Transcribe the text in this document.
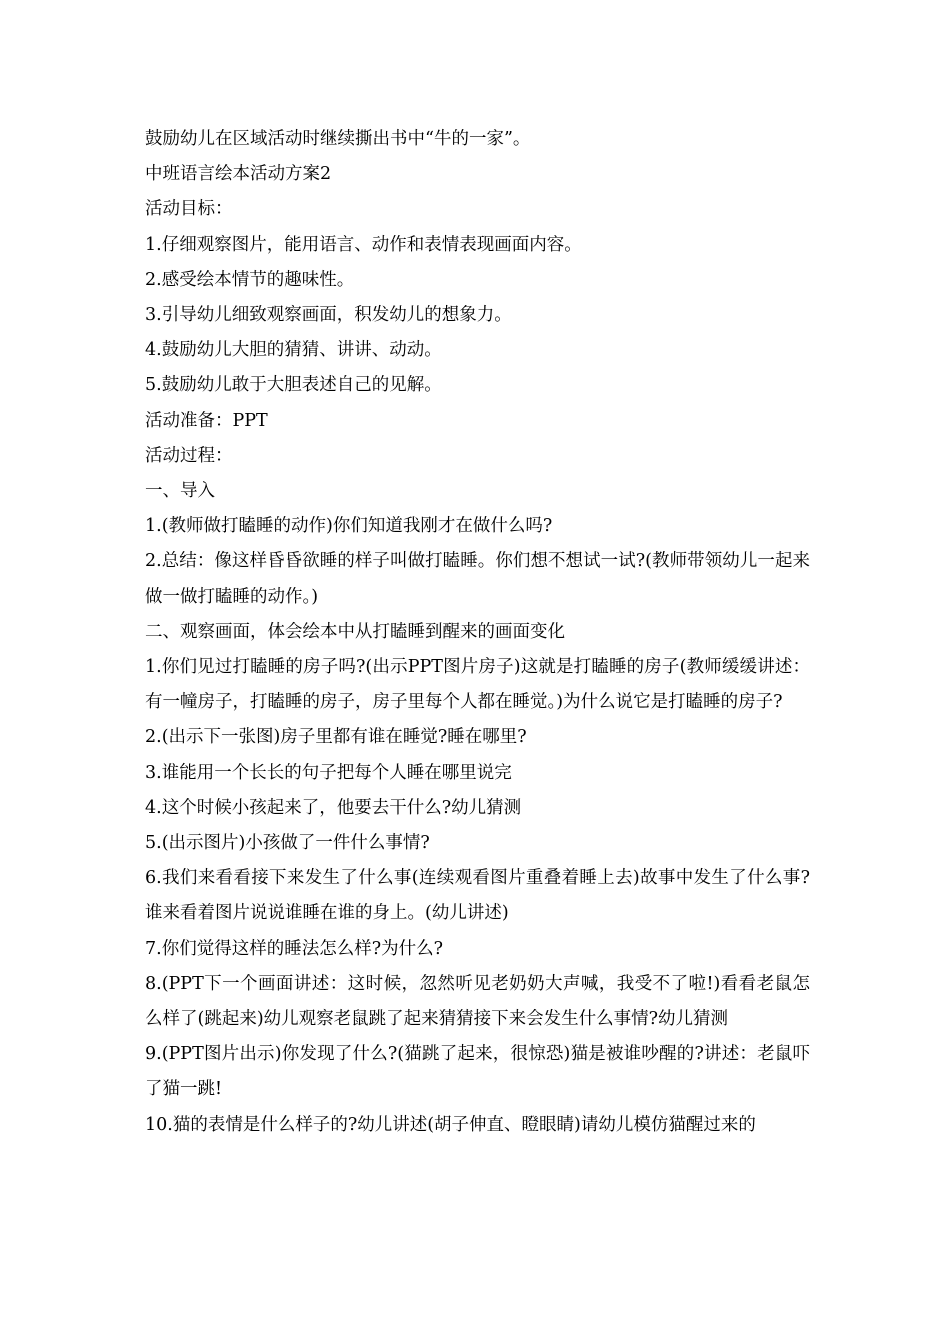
鼓励幼儿在区域活动时继续撕出书中“牛的一家”。

中班语言绘本活动方案2

活动目标：

1.仔细观察图片，能用语言、动作和表情表现画面内容。

2.感受绘本情节的趣味性。

3.引导幼儿细致观察画面，积发幼儿的想象力。

4.鼓励幼儿大胆的猜猜、讲讲、动动。

5.鼓励幼儿敢于大胆表述自己的见解。

活动准备：PPT

活动过程：

一、导入

1.(教师做打瞌睡的动作)你们知道我刚才在做什么吗?

2.总结：像这样昏昏欲睡的样子叫做打瞌睡。你们想不想试一试?(教师带领幼儿一起来做一做打瞌睡的动作。)

二、观察画面，体会绘本中从打瞌睡到醒来的画面变化

1.你们见过打瞌睡的房子吗?(出示PPT图片房子)这就是打瞌睡的房子(教师缓缓讲述：有一幢房子，打瞌睡的房子，房子里每个人都在睡觉。)为什么说它是打瞌睡的房子?

2.(出示下一张图)房子里都有谁在睡觉?睡在哪里?

3.谁能用一个长长的句子把每个人睡在哪里说完

4.这个时候小孩起来了，他要去干什么?幼儿猜测

5.(出示图片)小孩做了一件什么事情?

6.我们来看看接下来发生了什么事(连续观看图片重叠着睡上去)故事中发生了什么事?谁来看着图片说说谁睡在谁的身上。(幼儿讲述)

7.你们觉得这样的睡法怎么样?为什么?

8.(PPT下一个画面讲述：这时候，忽然听见老奶奶大声喊，我受不了啦!)看看老鼠怎么样了(跳起来)幼儿观察老鼠跳了起来猜猜接下来会发生什么事情?幼儿猜测

9.(PPT图片出示)你发现了什么?(猫跳了起来，很惊恐)猫是被谁吵醒的?讲述：老鼠吓了猫一跳!

10.猫的表情是什么样子的?幼儿讲述(胡子伸直、瞪眼睛)请幼儿模仿猫醒过来的
